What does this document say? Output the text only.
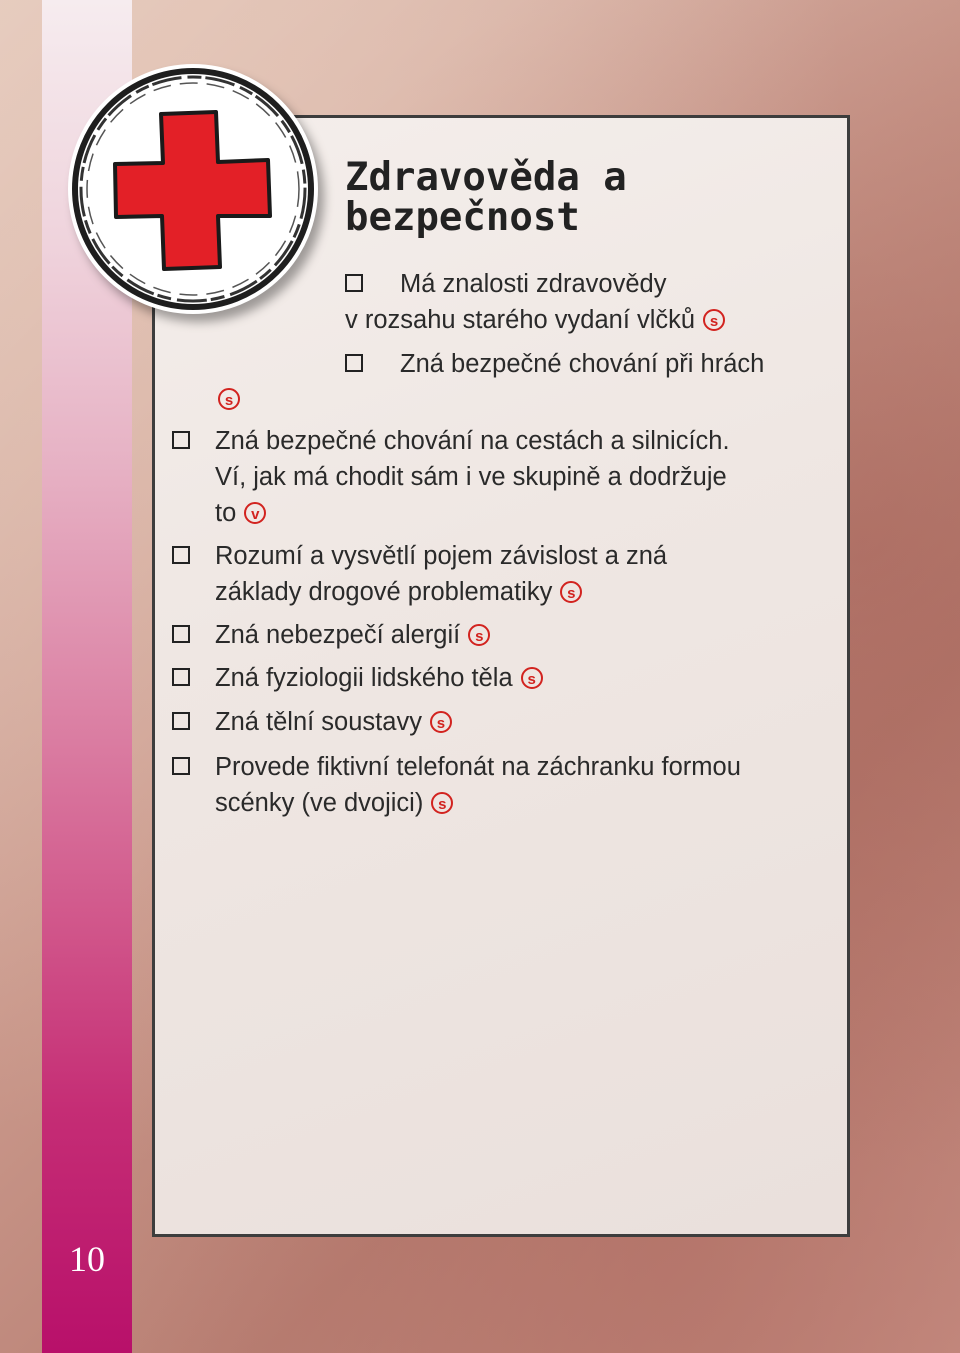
10
Zdravověda a
bezpečnost
Má znalosti zdravovědy
v rozsahu starého vydaní vlčků s
Zná bezpečné chování při hrách
s
Zná bezpečné chování na cestách a silnicích.
Ví, jak má chodit sám i ve skupině a dodržuje
to v
Rozumí a vysvětlí pojem závislost a zná
základy drogové problematiky s
Zná nebezpečí alergií s
Zná fyziologii lidského těla s
Zná tělní soustavy s
Provede fiktivní telefonát na záchranku formou
scénky (ve dvojici) s
